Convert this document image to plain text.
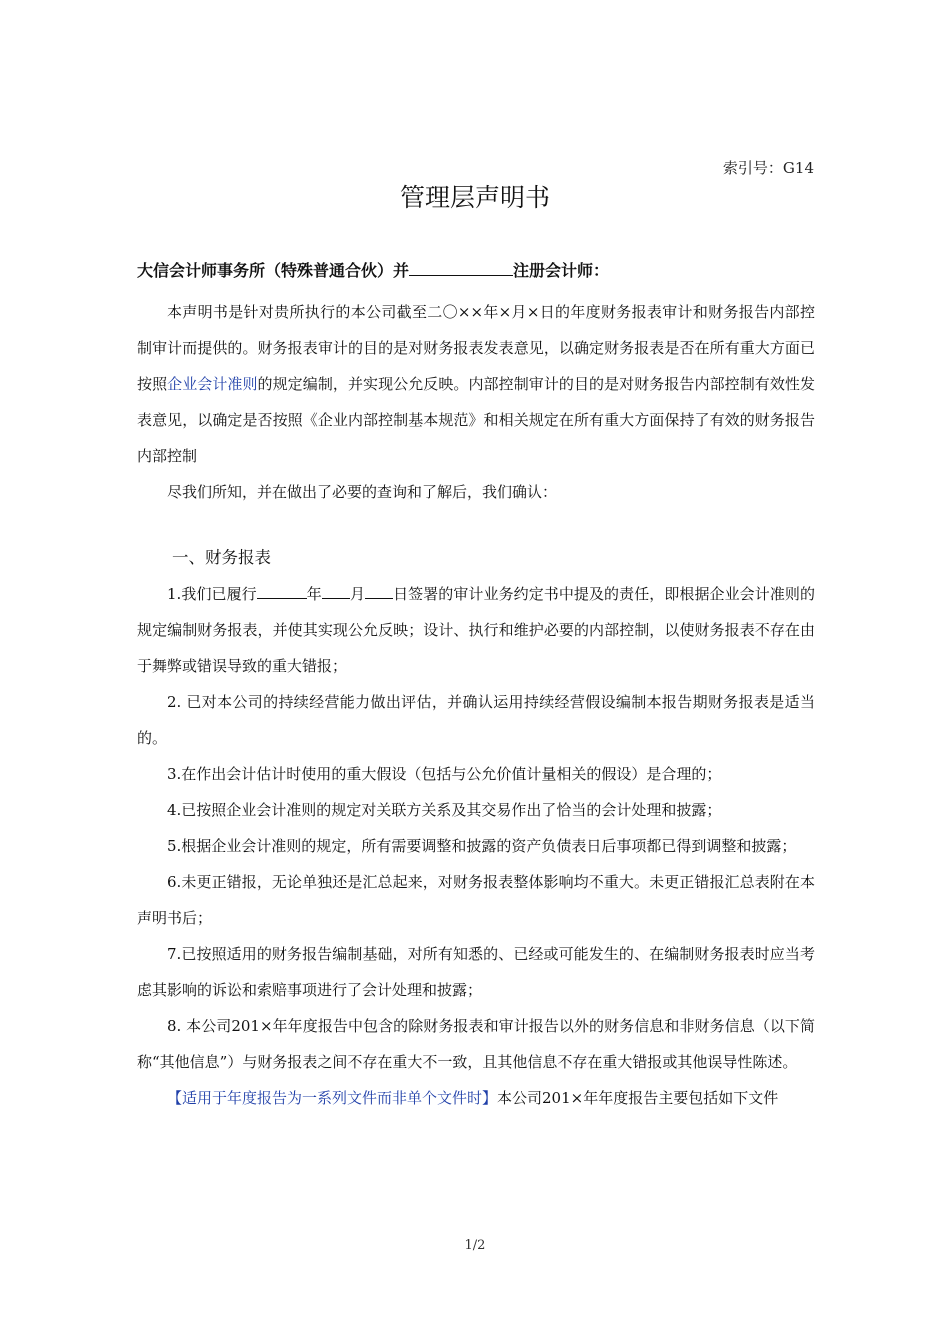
索引号：G14
管理层声明书
大信会计师事务所（特殊普通合伙）并	注册会计师：

本声明书是针对贵所执行的本公司截至二〇××年×月×日的年度财务报表审计和财务报告内部控制审计而提供的。财务报表审计的目的是对财务报表发表意见，以确定财务报表是否在所有重大方面已按照企业会计准则的规定编制，并实现公允反映。内部控制审计的目的是对财务报告内部控制有效性发表意见，以确定是否按照《企业内部控制基本规范》和相关规定在所有重大方面保持了有效的财务报告内部控制

尽我们所知，并在做出了必要的查询和了解后，我们确认：

一、财务报表

1.我们已履行	年 月 日签署的审计业务约定书中提及的责任，即根据企业会计准则的规定编制财务报表，并使其实现公允反映；设计、执行和维护必要的内部控制，以使财务报表不存在由于舞弊或错误导致的重大错报；

2. 已对本公司的持续经营能力做出评估，并确认运用持续经营假设编制本报告期财务报表是适当的。

3.在作出会计估计时使用的重大假设（包括与公允价值计量相关的假设）是合理的；

4.已按照企业会计准则的规定对关联方关系及其交易作出了恰当的会计处理和披露；

5.根据企业会计准则的规定，所有需要调整和披露的资产负债表日后事项都已得到调整和披露；

6.未更正错报，无论单独还是汇总起来，对财务报表整体影响均不重大。未更正错报汇总表附在本声明书后；

7.已按照适用的财务报告编制基础，对所有知悉的、已经或可能发生的、在编制财务报表时应当考虑其影响的诉讼和索赔事项进行了会计处理和披露；

8. 本公司201×年年度报告中包含的除财务报表和审计报告以外的财务信息和非财务信息（以下简称“其他信息”）与财务报表之间不存在重大不一致，且其他信息不存在重大错报或其他误导性陈述。

【适用于年度报告为一系列文件而非单个文件时】本公司201×年年度报告主要包括如下文件

1/2
